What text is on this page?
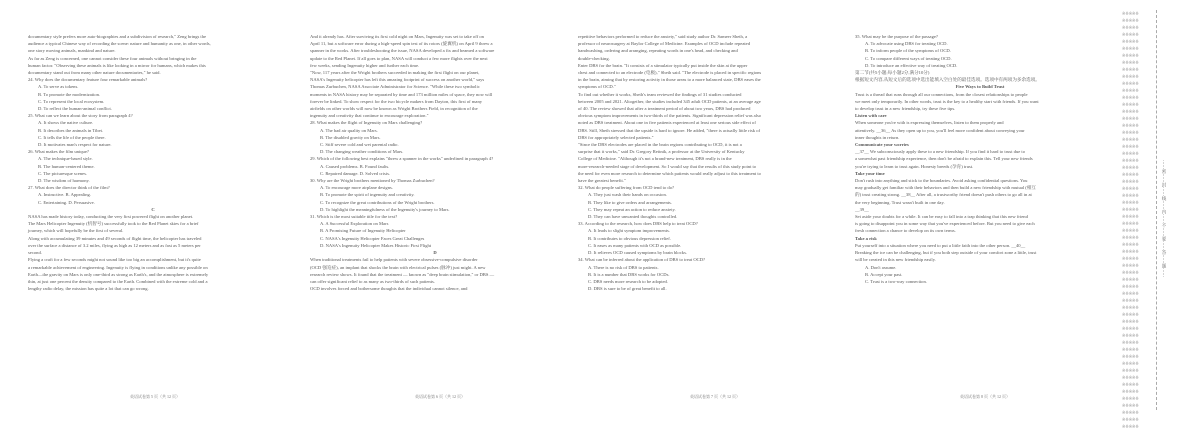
documentary style prefers more auto-biographies and a subdivision of research," Zeng brings the

audience a typical Chinese way of recording the scene: nature and humanity as one, in other words,

one story moving animals, mankind and nature.

As far as Zeng is concerned, one cannot consider these four animals without bringing in the

human factor. "Observing these animals is like looking in a mirror for humans, which makes this

documentary stand out from many other nature documentaries," he said.

24. Why does the documentary feature four remarkable animals?

A. To serve as tokens.

B. To promote the modernization.

C. To represent the local ecosystem.

D. To reflect the human-animal conflict.

25. What can we learn about the story from paragraph 4?

A. It shows the native culture.

B. It describes the animals in Tibet.

C. It tells the life of the people there.

D. It motivates man's respect for nature.

26. What makes the film unique?

A. The technique-based style.

B. The human-centered theme.

C. The picturesque scenes.

D. The wisdom of harmony.

27. What does the director think of the film?

A. Instructive. B. Appealing.

C. Entertaining. D. Persuasive.

C

NASA has made history today, conducting the very first powered flight on another planet.

The Mars Helicopter Ingenuity (机智号) successfully took to the Red Planet skies for a brief

journey, which will hopefully be the first of several.

Along with accumulating 39 minutes and 49 seconds of flight time, the helicopter has traveled

over the surface a distance of 3.2 miles, flying as high as 12 meters and as fast as 5 meters per

second.

Flying a craft for a few seconds might not sound like too big an accomplishment, but it's quite

a remarkable achievement of engineering. Ingenuity is flying in conditions unlike any possible on

Earth—the gravity on Mars is only one-third as strong as Earth's, and the atmosphere is extremely

thin, at just one percent the density compared to the Earth. Combined with the extreme cold and a

lengthy radio delay, the mission has quite a lot that can go wrong.

And it already has. After surviving its first cold night on Mars, Ingenuity was set to take off on

April 11, but a software error during a high-speed spin test of its rotors (旋翼机) on April 9 threw a

spanner in the works. After troubleshooting the issue, NASA developed a fix and beamed a software

update to the Red Planet. If all goes to plan, NASA will conduct a few more flights over the next

few weeks, sending Ingenuity higher and further each time.

"Now, 117 years after the Wright brothers succeeded in making the first flight on our planet,

NASA's Ingenuity helicopter has left this amazing footprint of success on another world," says

Thomas Zurbuchen, NASA Associate Administrator for Science. "While these two symbolic

moments in NASA history may be separated by time and 173 million miles of space, they now will

forever be linked. To show respect for the two bicycle makers from Dayton, this first of many

airfields on other worlds will now be known as Wright Brothers Field, in recognition of the

ingenuity and creativity that continue to encourage exploration."

28. What makes the flight of Ingenuity on Mars challenging?

A. The bad air quality on Mars.

B. The disabled gravity on Mars.

C. Stiff severe cold and wet parental radio.

D. The changing weather conditions of Mars.

29. Which of the following best explains "threw a spanner in the works" underlined in paragraph 4?

A. Caused problems. B. Found faults.

C. Repaired damage. D. Solved crisis.

30. Why are the Wright brothers mentioned by Thomas Zurbuchen?

A. To encourage more airplane designs.

B. To promote the spirit of ingenuity and creativity.

C. To recognize the great contributions of the Wright brothers.

D. To highlight the meaningfulness of the Ingenuity's journey to Mars.

31. Which is the most suitable title for the text?

A. A Successful Exploration on Mars

B. A Promising Future of Ingenuity Helicopter

C. NASA's Ingenuity Helicopter Faces Great Challenges

D. NASA's Ingenuity Helicopter Makes Historic First Flight

D

When traditional treatments fail to help patients with severe obsessive-compulsive disorder

(OCD 强迫症), an implant that shocks the brain with electrical pulses (脉冲) just might. A new

research review shows. It found that the treatment — known as "deep brain stimulation," or DBS —

can offer significant relief to as many as two-thirds of such patients.

OCD involves forced and bothersome thoughts that the individual cannot silence, and

repetitive behaviors performed to reduce the anxiety," said study author Dr. Sameer Sheth, a

professor of neurosurgery at Baylor College of Medicine. Examples of OCD include repeated

handwashing, ordering and arranging, repeating words in one's head, and checking and

double-checking.

Enter DBS for the brain. "It consists of a stimulator typically put inside the skin at the upper

chest and connected to an electrode (电极)," Sheth said. "The electrode is placed in specific regions

in the brain, aiming that by restoring activity in those areas to a more balanced state, DBS eases the

symptoms of OCD."

To find out whether it works, Sheth's team reviewed the findings of 31 studies conducted

between 2005 and 2021. Altogether, the studies included 345 adult OCD patients, at an average age

of 40. The review showed that after a treatment period of about two years, DBS had produced

obvious symptom improvements in two-thirds of the patients. Significant depression relief was also

noted as DBS treatment. About one in five patients experienced at least one serious side effect of

DBS. Still, Sheth stressed that the upside is hard to ignore. He added, "there is actually little risk of

DBS for appropriately selected patients."

"Since the DBS electrodes are placed in the brain regions contributing to OCD, it is not a

surprise that it works," said Dr. Gregory Reitnik, a professor at the University of Kentucky

College of Medicine. "Although it's not a brand-new treatment, DBS really is in the

more-research-needed stage of development. So I would say that the results of this study point to

the need for even more research to determine which patients would really adjust to this treatment to

have the greatest benefit."

32. What do people suffering from OCD tend to do?

A. They just wash their hands on occasion.

B. They like to give orders and arrangements.

C. They may repeat an action to reduce anxiety.

D. They can have unwanted thoughts controlled.

33. According to the research, how does DBS help to treat OCD?

A. It leads to slight symptom improvements.

B. It contributes to obvious depression relief.

C. It eases as many patients with OCD as possible.

D. It relieves OCD caused symptoms by brain blocks.

34. What can be inferred about the application of DBS to treat OCD?

A. There is no risk of DBS to patients.

B. It is a number that DBS works for OCDs.

C. DBS needs more research to be adopted.

D. DBS is sure to be of great benefit to all.

35. What may be the purpose of the passage?

A. To advocate using DBS for treating OCD.

B. To inform people of the symptoms of OCD.

C. To compare different ways of treating OCD.

D. To introduce an effective way of treating OCD.

第二节(共5小题;每小题2分,满分10分)

根据短文内容,从短文后的选项中选出能填入空白处的最佳选项。选项中有两项为多余选项。

Five Ways to Build Trust

Trust is a thread that runs through all our connections, from the closest relationships to people

we meet only temporarily. In other words, trust is the key to a healthy start with friends. If you want

to develop trust in a new friendship, try these five tips.

Listen with care

When someone you're with is expressing themselves, listen to them properly and

attentively. __36__ As they open up to you, you'll feel more confident about conveying your

inner thoughts in return.

Communicate your worries

__37__ We subconsciously apply these to a new friendship. If you find it hard to trust due to

a somewhat past friendship experience, then don't be afraid to explain this. Tell your new friends

you're trying to learn to trust again. Honesty breeds (孕育) trust.

Take your time

Don't rush into anything and stick to the boundaries. Avoid asking confidential questions. You

may gradually get familiar with their behaviors and then build a new friendship with mutual (相互

的) trust creating strong. __38__ After all, a trustworthy friend doesn't push others to go all in at

the very beginning. Trust wasn't built in one day.

__39__

Set aside your doubts for a while. It can be easy to fall into a trap thinking that this new friend

is going to disappoint you in some way that you've experienced before. But you need to give each

fresh connection a chance to develop on its own terms.

Take a risk

Put yourself into a situation where you need to put a little faith into the other person. __40__

Breaking the ice can be challenging, but if you both step outside of your comfort zone a little, trust

will be created in this new friendship easily.

A. Don't assume.

B. Accept your past.

C. Trust is a two-way connection.

英语试卷第 5 页（共 12 页）	英语试卷第 6 页（共 12 页）	英语试卷第 7 页（共 12 页）	英语试卷第 8 页（共 12 页）
※※※※※
※※※※※
※※※※※
※※※※※
※※※※※
※※※※※
※※※※※
※※※※※
※※※※※
※※※※※
※※※※※
※※※※※
※※※※※
※※※※※
※※※※※
※※※※※
※※※※※
※※※※※
※※※※※
※※※※※
※※※※※
※※※※※
※※※※※
※※※※※
※※※※※
※※※※※
※※※※※
※※※※※
※※※※※
※※※※※
※※※※※
※※※※※
※※※※※
※※※※※
※※※※※
※※※※※
※※※※※
※※※※※
※※※※※
※※※※※
※※※※※
※※※※※
※※※※※
※※※※※
※※※※※
※※※※※
※※※※※
※※※※※
※※※※※
※※※※※
※※※※※
※※※※※
※※※※※
※※※※※
※※※※※
※※※※※
※※※※※
※※※※※
※※※※※
※※※※※
……密……封……线……内……不……要……答……题……
